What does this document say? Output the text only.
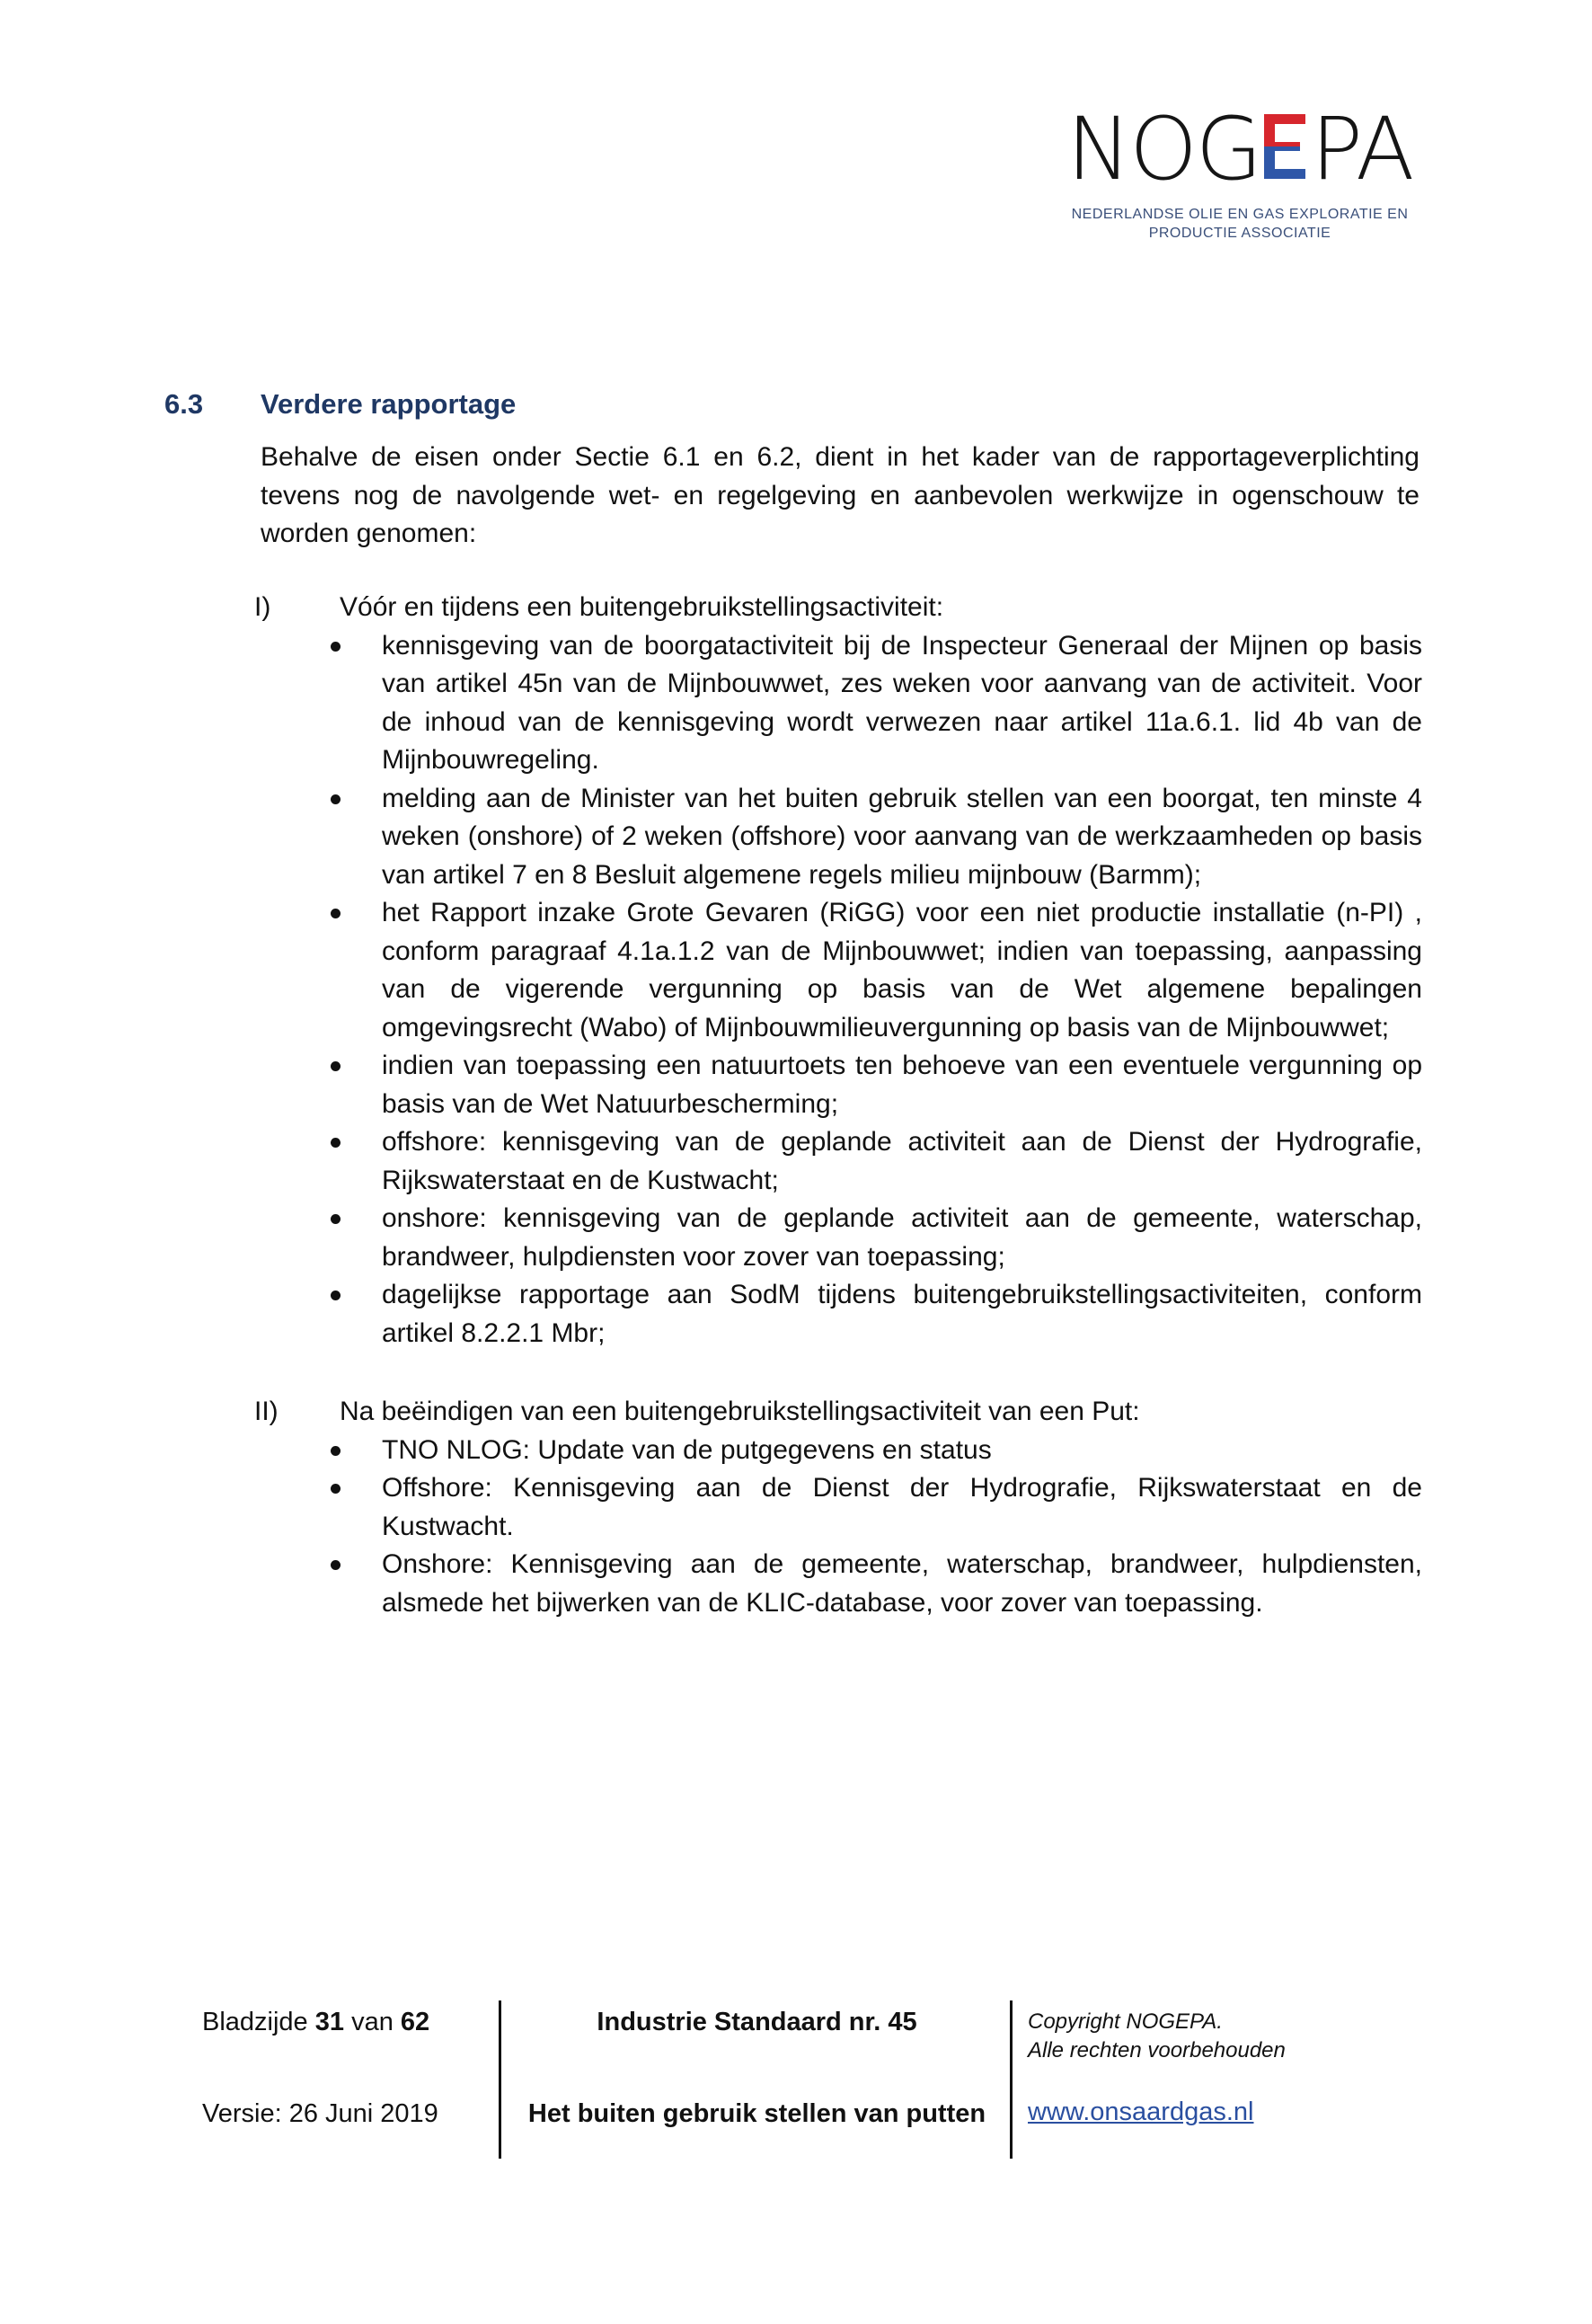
NOG PA
NEDERLANDSE OLIE EN GAS EXPLORATIE EN
PRODUCTIE ASSOCIATIE
6.3 Verdere rapportage
Behalve de eisen onder Sectie 6.1 en 6.2, dient in het kader van de rapportageverplichting tevens nog de navolgende wet- en regelgeving en aanbevolen werkwijze in ogenschouw te worden genomen:
I)	Vóór en tijdens een buitengebruikstellingsactiviteit:
kennisgeving van de boorgatactiviteit bij de Inspecteur Generaal der Mijnen op basis van artikel 45n van de Mijnbouwwet, zes weken voor aanvang van de activiteit. Voor de inhoud van de kennisgeving wordt verwezen naar artikel 11a.6.1. lid 4b van de Mijnbouwregeling.
melding aan de Minister van het buiten gebruik stellen van een boorgat, ten minste 4 weken (onshore) of 2 weken (offshore) voor aanvang van de werkzaamheden op basis van artikel 7 en 8 Besluit algemene regels milieu mijnbouw (Barmm);
het Rapport inzake Grote Gevaren (RiGG) voor een niet productie installatie (n-PI) , conform paragraaf 4.1a.1.2 van de Mijnbouwwet; indien van toepassing, aanpassing van de vigerende vergunning op basis van de Wet algemene bepalingen omgevingsrecht (Wabo) of Mijnbouwmilieuvergunning op basis van de Mijnbouwwet;
indien van toepassing een natuurtoets ten behoeve van een eventuele vergunning op basis van de Wet Natuurbescherming;
offshore: kennisgeving van de geplande activiteit aan de Dienst der Hydrografie, Rijkswaterstaat en de Kustwacht;
onshore: kennisgeving van de geplande activiteit aan de gemeente, waterschap, brandweer, hulpdiensten voor zover van toepassing;
dagelijkse rapportage aan SodM tijdens buitengebruikstellingsactiviteiten, conform artikel 8.2.2.1 Mbr;
II) Na beëindigen van een buitengebruikstellingsactiviteit van een Put:
TNO NLOG: Update van de putgegevens en status
Offshore: Kennisgeving aan de Dienst der Hydrografie, Rijkswaterstaat en de Kustwacht.
Onshore: Kennisgeving aan de gemeente, waterschap, brandweer, hulpdiensten, alsmede het bijwerken van de KLIC-database, voor zover van toepassing.
Bladzijde 31 van 62
Versie: 26 Juni 2019
Industrie Standaard nr. 45
Het buiten gebruik stellen van putten
Copyright NOGEPA.
Alle rechten voorbehouden
www.onsaardgas.nl
